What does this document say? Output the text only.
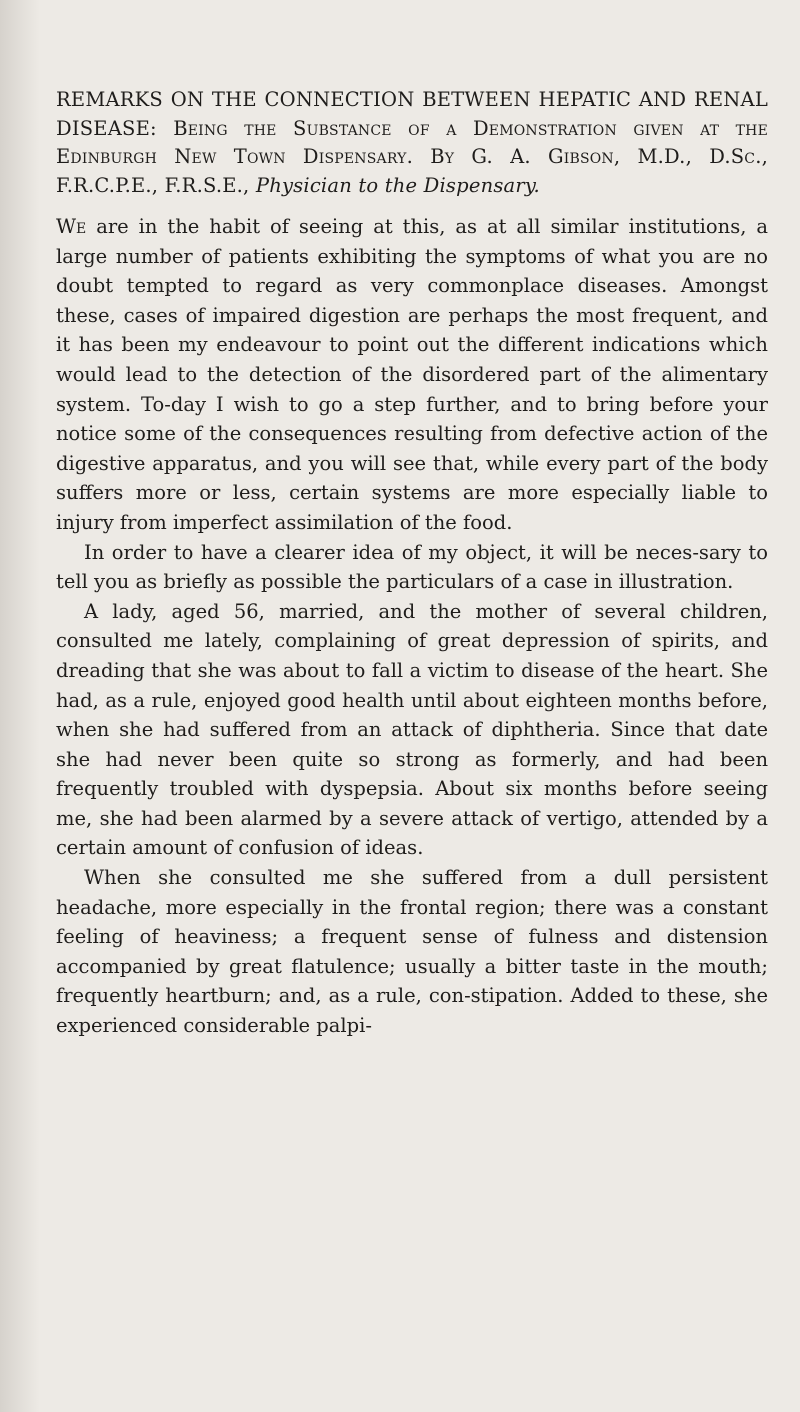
REMARKS ON THE CONNECTION BETWEEN HEPATIC AND RENAL DISEASE: Being the Substance of a Demonstration given at the Edinburgh New Town Dispensary. By G. A. Gibson, M.D., D.Sc., F.R.C.P.E., F.R.S.E., Physician to the Dispensary.

We are in the habit of seeing at this, as at all similar institutions, a large number of patients exhibiting the symptoms of what you are no doubt tempted to regard as very commonplace diseases. Amongst these, cases of impaired digestion are perhaps the most frequent, and it has been my endeavour to point out the different indications which would lead to the detection of the disordered part of the alimentary system. To-day I wish to go a step further, and to bring before your notice some of the consequences resulting from defective action of the digestive apparatus, and you will see that, while every part of the body suffers more or less, certain systems are more especially liable to injury from imperfect assimilation of the food.

In order to have a clearer idea of my object, it will be neces-sary to tell you as briefly as possible the particulars of a case in illustration.

A lady, aged 56, married, and the mother of several children, consulted me lately, complaining of great depression of spirits, and dreading that she was about to fall a victim to disease of the heart. She had, as a rule, enjoyed good health until about eighteen months before, when she had suffered from an attack of diphtheria. Since that date she had never been quite so strong as formerly, and had been frequently troubled with dyspepsia. About six months before seeing me, she had been alarmed by a severe attack of vertigo, attended by a certain amount of confusion of ideas.

When she consulted me she suffered from a dull persistent headache, more especially in the frontal region; there was a constant feeling of heaviness; a frequent sense of fulness and distension accompanied by great flatulence; usually a bitter taste in the mouth; frequently heartburn; and, as a rule, con-stipation. Added to these, she experienced considerable palpi-
